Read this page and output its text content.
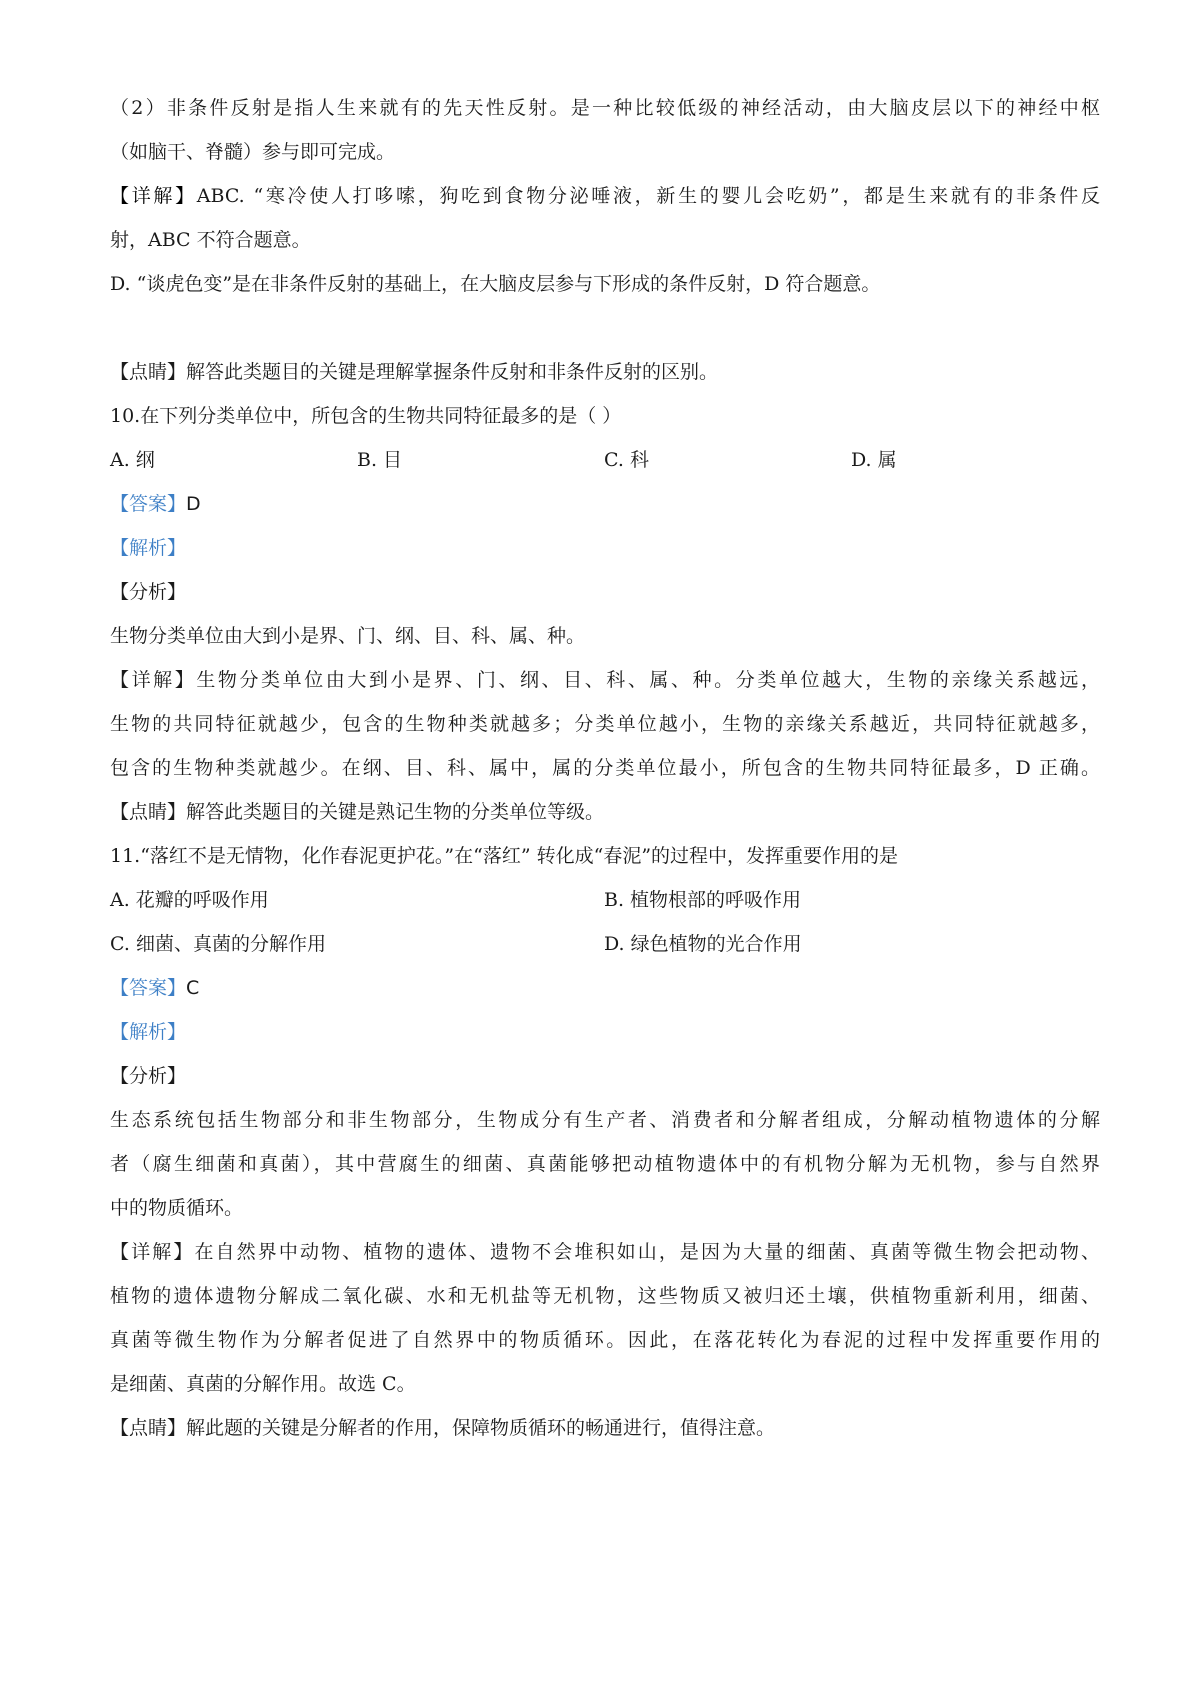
（2）非条件反射是指人生来就有的先天性反射。是一种比较低级的神经活动，由大脑皮层以下的神经中枢
（如脑干、脊髓）参与即可完成。
【详解】ABC. “寒冷使人打哆嗦，狗吃到食物分泌唾液，新生的婴儿会吃奶”，都是生来就有的非条件反
射，ABC 不符合题意。
D. “谈虎色变”是在非条件反射的基础上，在大脑皮层参与下形成的条件反射，D 符合题意。
【点睛】解答此类题目的关键是理解掌握条件反射和非条件反射的区别。
10.在下列分类单位中，所包含的生物共同特征最多的是（ ）
A. 纲	B. 目	C. 科	D. 属
【答案】D
【解析】
【分析】
生物分类单位由大到小是界、门、纲、目、科、属、种。
【详解】生物分类单位由大到小是界、门、纲、目、科、属、种。分类单位越大，生物的亲缘关系越远，
生物的共同特征就越少，包含的生物种类就越多；分类单位越小，生物的亲缘关系越近，共同特征就越多，
包含的生物种类就越少。在纲、目、科、属中，属的分类单位最小，所包含的生物共同特征最多，D 正确。
【点睛】解答此类题目的关键是熟记生物的分类单位等级。
11.“落红不是无情物，化作春泥更护花。”在“落红” 转化成“春泥”的过程中，发挥重要作用的是
A. 花瓣的呼吸作用	B. 植物根部的呼吸作用
C. 细菌、真菌的分解作用	D. 绿色植物的光合作用
【答案】C
【解析】
【分析】
生态系统包括生物部分和非生物部分，生物成分有生产者、消费者和分解者组成，分解动植物遗体的分解
者（腐生细菌和真菌），其中营腐生的细菌、真菌能够把动植物遗体中的有机物分解为无机物，参与自然界
中的物质循环。
【详解】在自然界中动物、植物的遗体、遗物不会堆积如山，是因为大量的细菌、真菌等微生物会把动物、
植物的遗体遗物分解成二氧化碳、水和无机盐等无机物，这些物质又被归还土壤，供植物重新利用，细菌、
真菌等微生物作为分解者促进了自然界中的物质循环。因此，在落花转化为春泥的过程中发挥重要作用的
是细菌、真菌的分解作用。故选 C。
【点睛】解此题的关键是分解者的作用，保障物质循环的畅通进行，值得注意。
